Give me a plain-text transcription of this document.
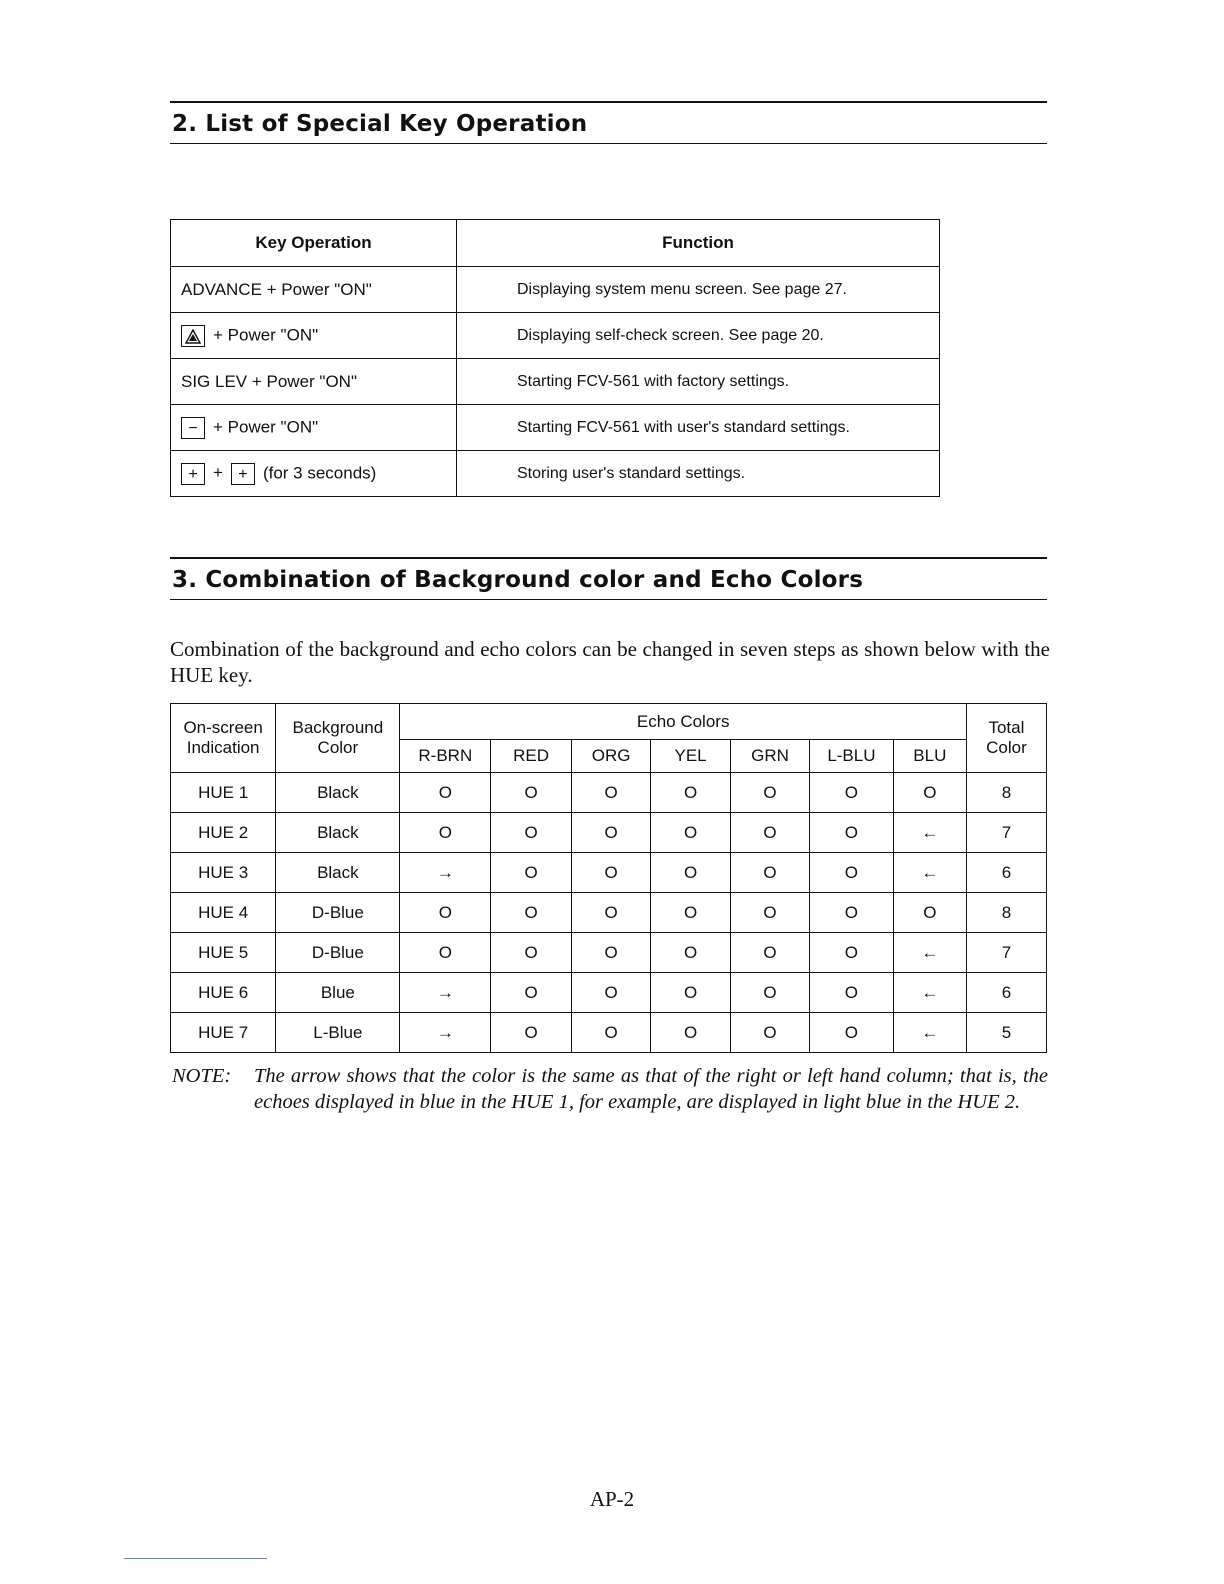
2. List of Special Key Operation
Key Operation	Function
ADVANCE + Power "ON"	Displaying system menu screen. See page 27.
+ Power "ON"	Displaying self-check screen. See page 20.
SIG LEV + Power "ON"	Starting FCV-561 with factory settings.
− + Power "ON"	Starting FCV-561 with user's standard settings.
+ + + (for 3 seconds)	Storing user's standard settings.
3. Combination of Background color and Echo Colors
Combination of the background and echo colors can be changed in seven steps as shown below with the HUE key.
On-screen Indication	Background Color	Echo Colors							Total Color
		R-BRN	RED	ORG	YEL	GRN	L-BLU	BLU	
HUE 1	Black	O	O	O	O	O	O	O	8
HUE 2	Black	O	O	O	O	O	O	←	7
HUE 3	Black	→	O	O	O	O	O	←	6
HUE 4	D-Blue	O	O	O	O	O	O	O	8
HUE 5	D-Blue	O	O	O	O	O	O	←	7
HUE 6	Blue	→	O	O	O	O	O	←	6
HUE 7	L-Blue	→	O	O	O	O	O	←	5
NOTE: The arrow shows that the color is the same as that of the right or left hand column; that is, the echoes displayed in blue in the HUE 1, for example, are displayed in light blue in the HUE 2.
AP-2
